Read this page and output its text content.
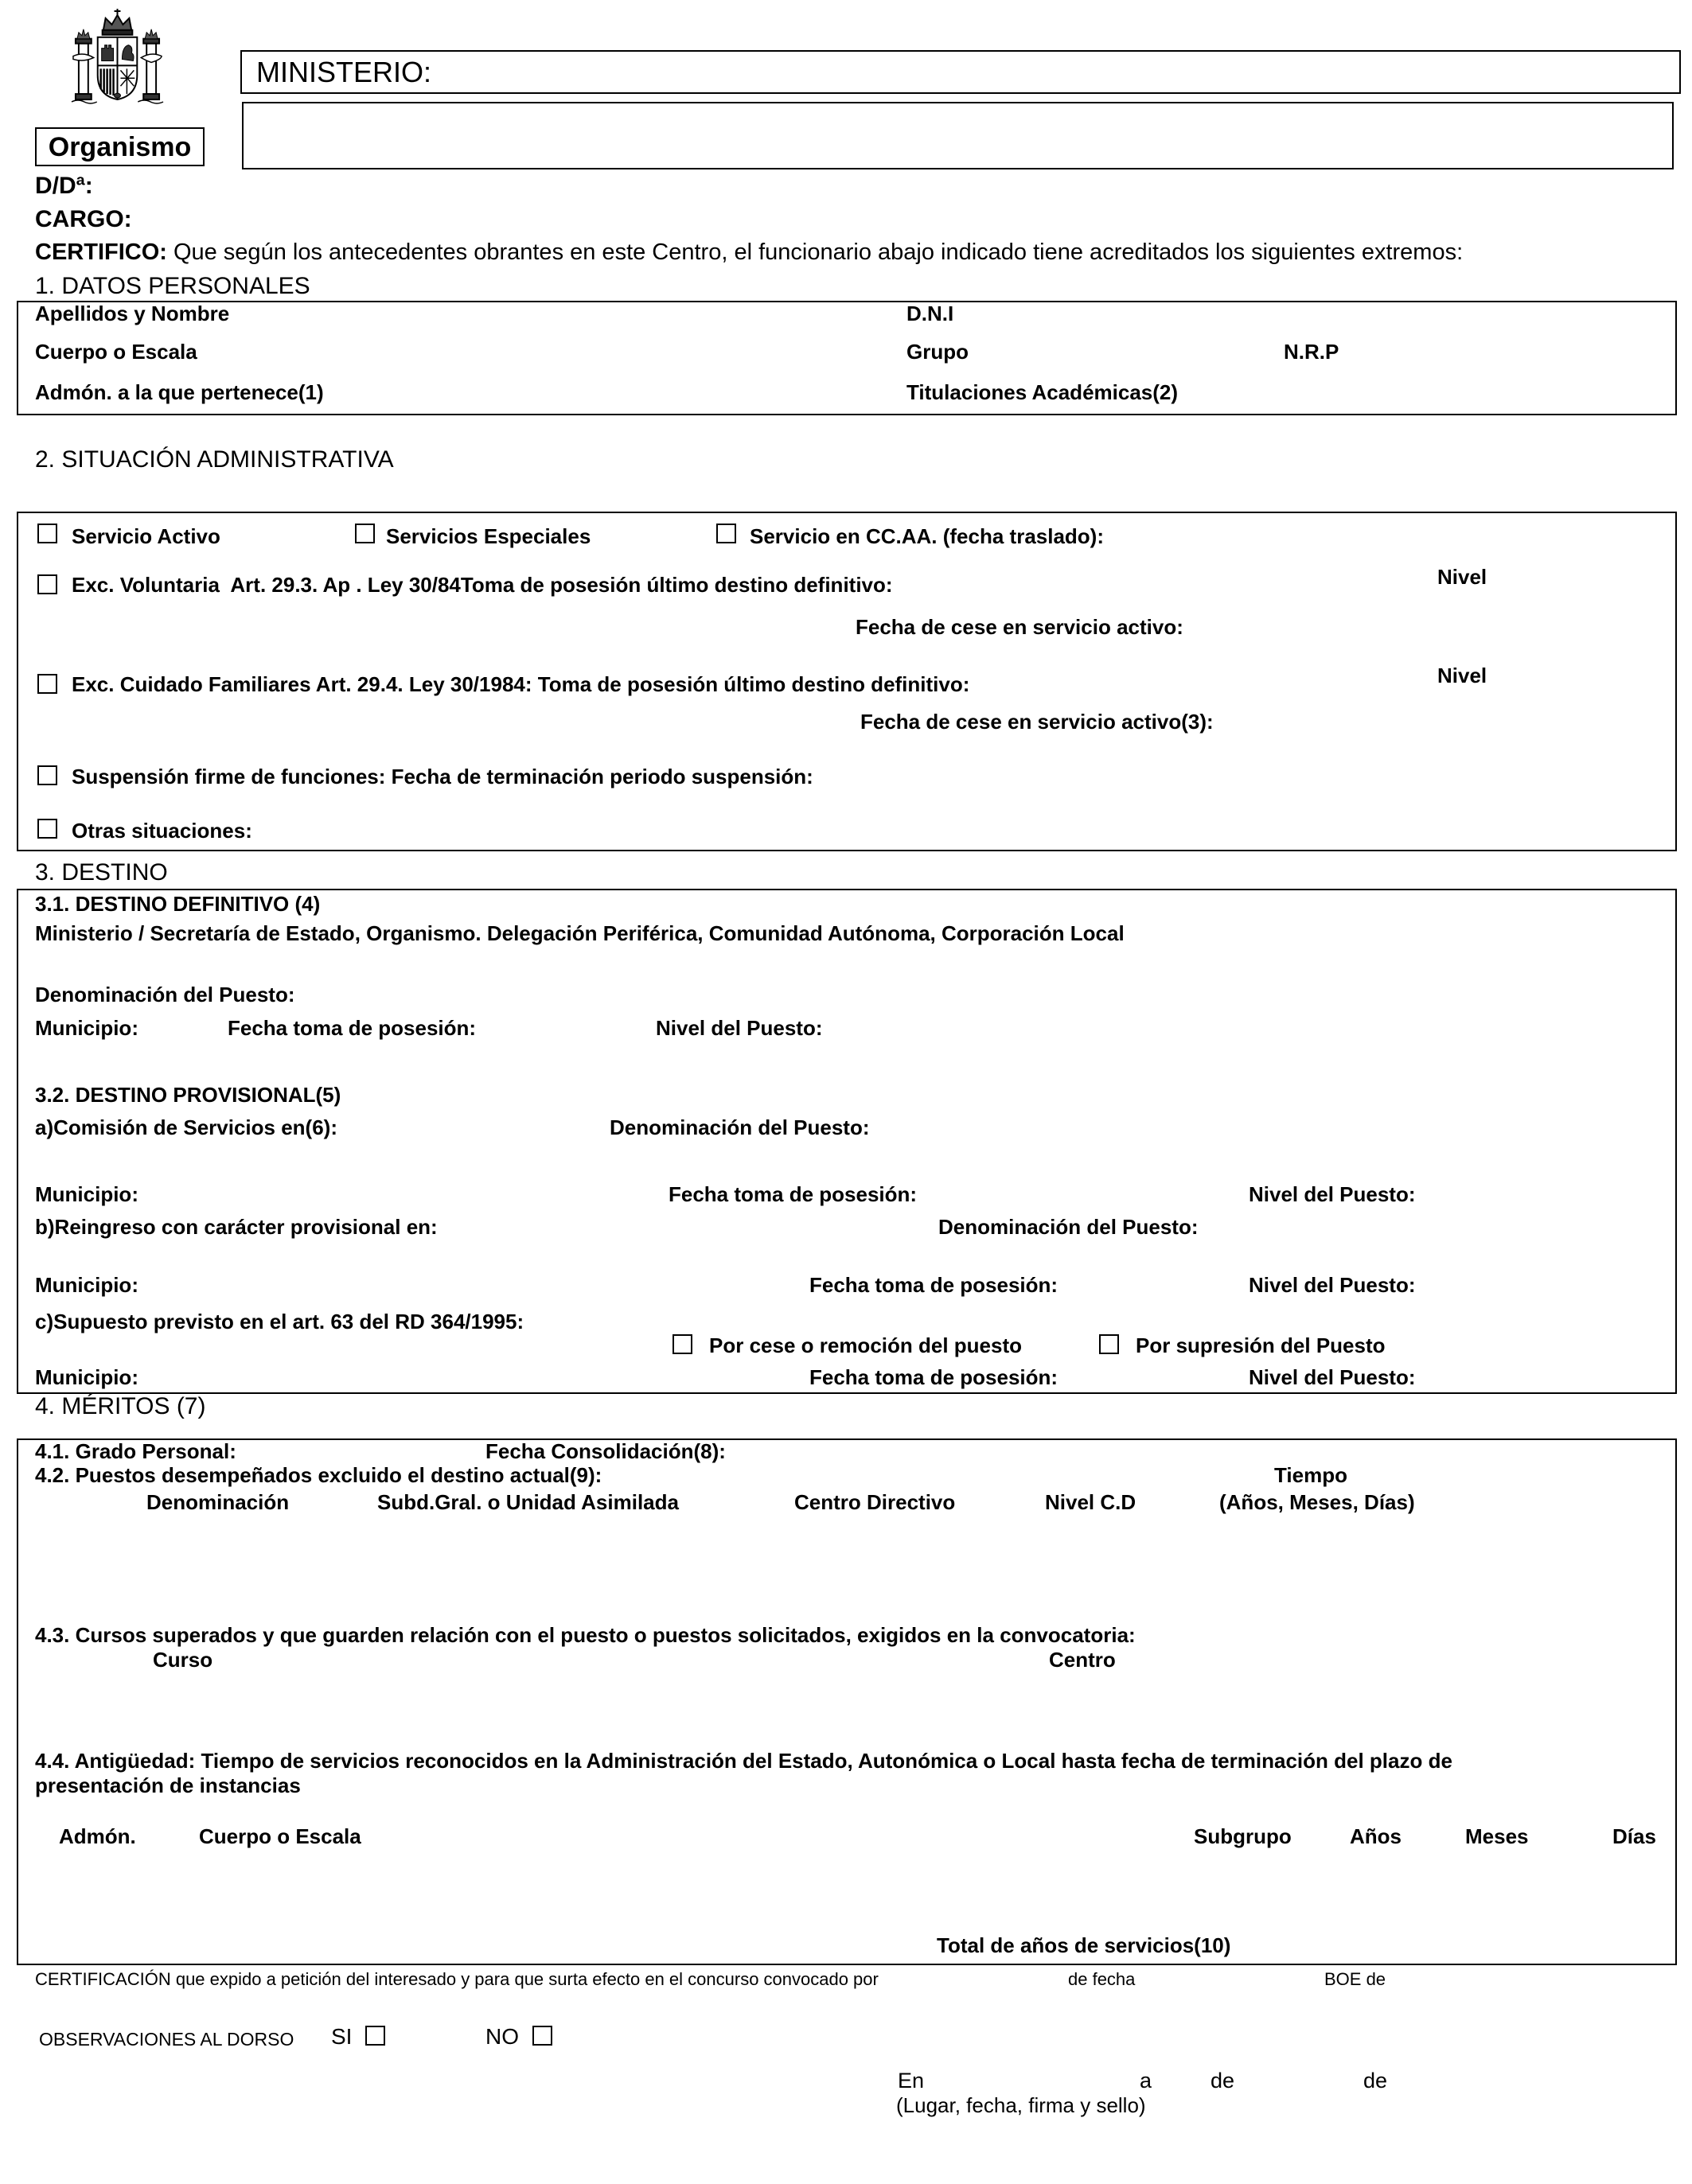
MINISTERIO:
Organismo
D/Dª:
CARGO:
CERTIFICO: Que según los antecedentes obrantes en este Centro, el funcionario abajo indicado tiene acreditados los siguientes extremos:
1. DATOS PERSONALES
Apellidos y Nombre	D.N.I
Cuerpo o Escala	Grupo	N.R.P
Admón. a la que pertenece(1)	Titulaciones Académicas(2)
2. SITUACIÓN ADMINISTRATIVA
Servicio Activo	Servicios Especiales	Servicio en CC.AA. (fecha traslado):
Exc. Voluntaria  Art. 29.3. Ap . Ley 30/84Toma de posesión último destino definitivo:	Nivel
Fecha de cese en servicio activo:
Exc. Cuidado Familiares Art. 29.4. Ley 30/1984: Toma de posesión último destino definitivo:	Nivel
Fecha de cese en servicio activo(3):
Suspensión firme de funciones: Fecha de terminación periodo suspensión:
Otras situaciones:
3. DESTINO
3.1. DESTINO DEFINITIVO (4)
Ministerio / Secretaría de Estado, Organismo. Delegación Periférica, Comunidad Autónoma, Corporación Local
Denominación del Puesto:
Municipio:	Fecha toma de posesión:	Nivel del Puesto:
3.2. DESTINO PROVISIONAL(5)
a)Comisión de Servicios en(6):	Denominación del Puesto:
Municipio:	Fecha toma de posesión:	Nivel del Puesto:
b)Reingreso con carácter provisional en:	Denominación del Puesto:
Municipio:	Fecha toma de posesión:	Nivel del Puesto:
c)Supuesto previsto en el art. 63 del RD 364/1995:
Por cese o remoción del puesto	Por supresión del Puesto
Municipio:	Fecha toma de posesión:	Nivel del Puesto:
4. MÉRITOS (7)
4.1. Grado Personal:	Fecha Consolidación(8):
4.2. Puestos desempeñados excluido el destino actual(9):	Tiempo
Denominación	Subd.Gral. o Unidad Asimilada	Centro Directivo	Nivel C.D	(Años, Meses, Días)
4.3. Cursos superados y que guarden relación con el puesto o puestos solicitados, exigidos en la convocatoria:
Curso	Centro
4.4. Antigüedad: Tiempo de servicios reconocidos en la Administración del Estado, Autonómica o Local hasta fecha de terminación del plazo de
presentación de instancias
Admón.	Cuerpo o Escala	Subgrupo	Años	Meses	Días
Total de años de servicios(10)
CERTIFICACIÓN que expido a petición del interesado y para que surta efecto en el concurso convocado por	de fecha	BOE de
OBSERVACIONES AL DORSO SI	NO
En	a	de	de
(Lugar, fecha, firma y sello)
